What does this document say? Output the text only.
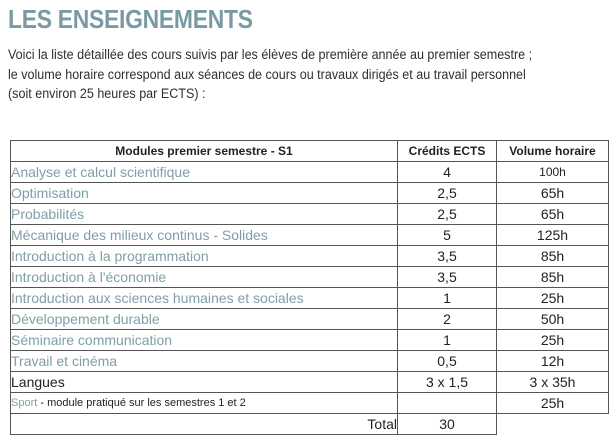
LES ENSEIGNEMENTS
Voici la liste détaillée des cours suivis par les élèves de première année au premier semestre ;
le volume horaire correspond aux séances de cours ou travaux dirigés et au travail personnel
(soit environ 25 heures par ECTS) :
Modules premier semestre - S1	Crédits ECTS	Volume horaire
Analyse et calcul scientifique	4	100h
Optimisation	2,5	65h
Probabilités	2,5	65h
Mécanique des milieux continus - Solides	5	125h
Introduction à la programmation	3,5	85h
Introduction à l'économie	3,5	85h
Introduction aux sciences humaines et sociales	1	25h
Développement durable	2	50h
Séminaire communication	1	25h
Travail et cinéma	0,5	12h
Langues	3 x 1,5	3 x 35h
Sport - module pratiqué sur les semestres 1 et 2		25h
Total	30	
